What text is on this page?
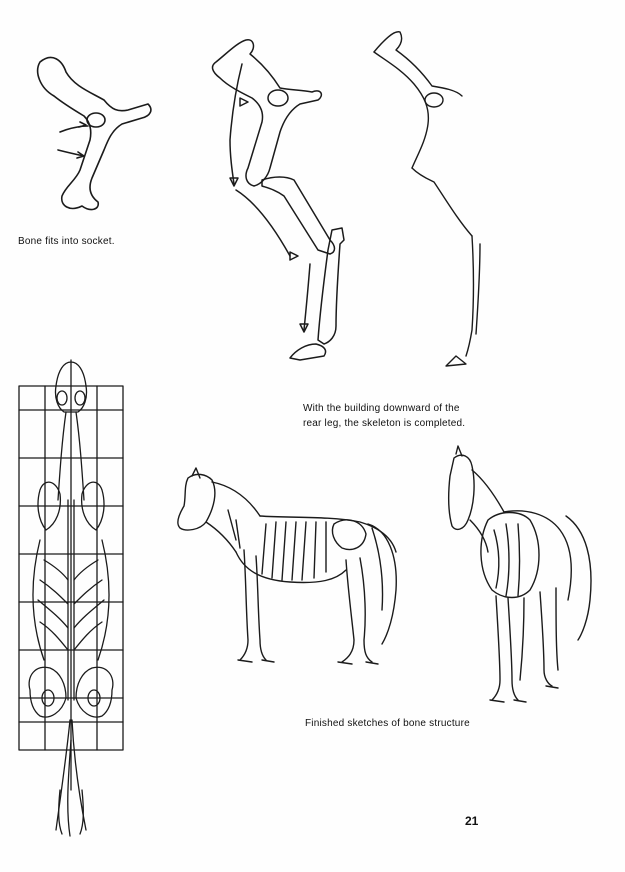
Bone fits into socket.
With the building downward of the
rear leg, the skeleton is completed.
Finished sketches of bone structure
21
